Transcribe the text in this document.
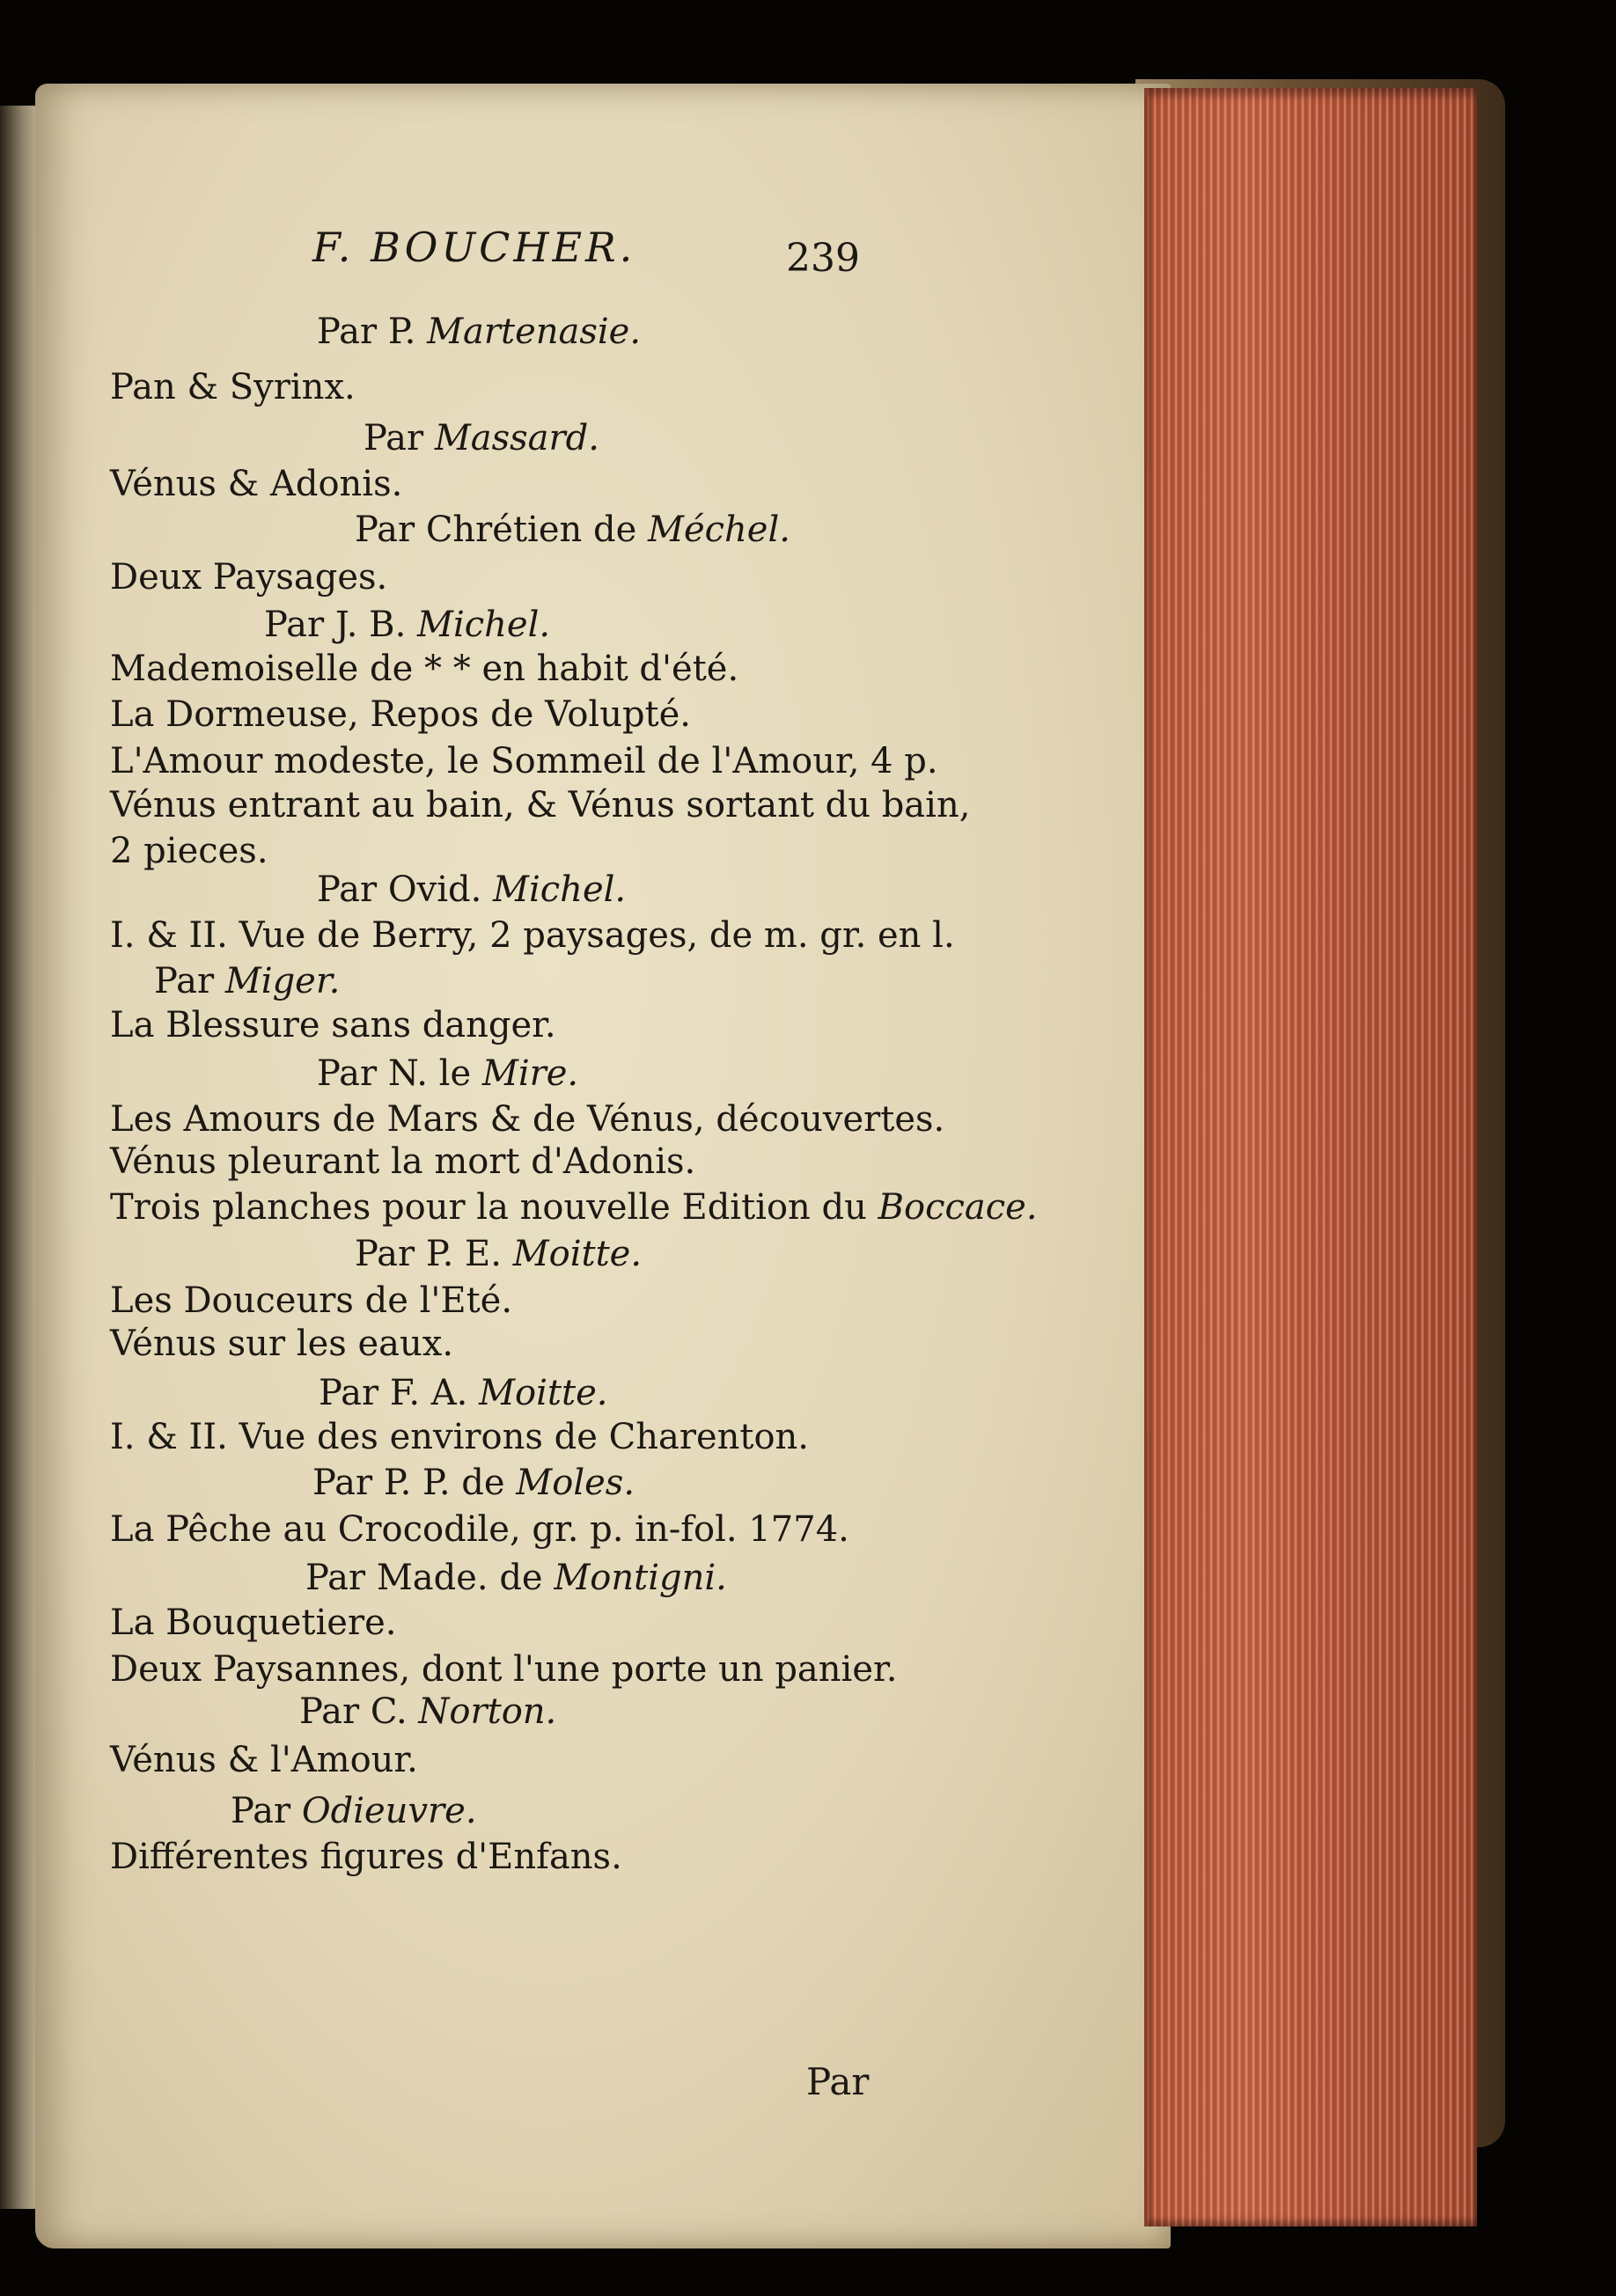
F. BOUCHER.	239
Par P. Martenasie.
Pan & Syrinx.
Par Massard.
Vénus & Adonis.
Par Chrétien de Méchel.
Deux Paysages.
Par J. B. Michel.
Mademoiselle de * * en habit d'été.
La Dormeuse, Repos de Volupté.
L'Amour modeste, le Sommeil de l'Amour, 4 p.
Vénus entrant au bain, & Vénus sortant du bain,
2 pieces.
Par Ovid. Michel.
I. & II. Vue de Berry, 2 paysages, de m. gr. en l.
Par Miger.
La Blessure sans danger.
Par N. le Mire.
Les Amours de Mars & de Vénus, découvertes.
Vénus pleurant la mort d'Adonis.
Trois planches pour la nouvelle Edition du Boccace.
Par P. E. Moitte.
Les Douceurs de l'Eté.
Vénus sur les eaux.
Par F. A. Moitte.
I. & II. Vue des environs de Charenton.
Par P. P. de Moles.
La Pêche au Crocodile, gr. p. in-fol. 1774.
Par Made. de Montigni.
La Bouquetiere.
Deux Paysannes, dont l'une porte un panier.
Par C. Norton.
Vénus & l'Amour.
Par Odieuvre.
Différentes figures d'Enfans.
Par
